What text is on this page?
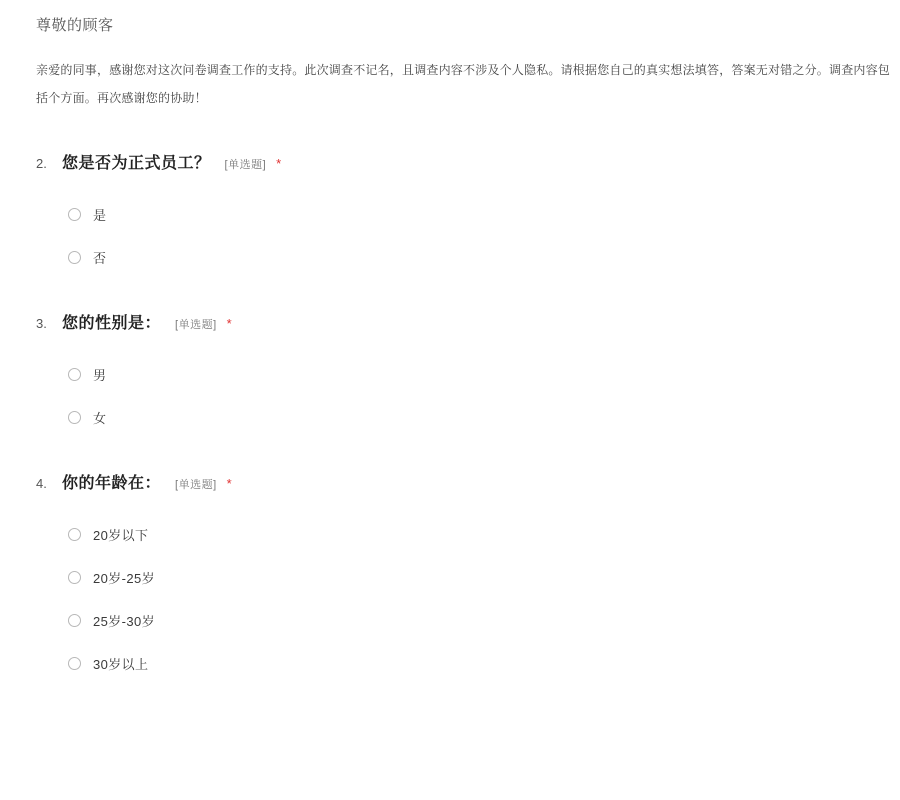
尊敬的顾客
亲爱的同事，感谢您对这次问卷调查工作的支持。此次调查不记名，且调查内容不涉及个人隐私。请根据您自己的真实想法填答，答案无对错之分。调查内容包括个方面。再次感谢您的协助！
2. 您是否为正式员工？ [单选题] *
是
否
3. 您的性别是： [单选题] *
男
女
4. 你的年龄在： [单选题] *
20岁以下
20岁-25岁
25岁-30岁
30岁以上
